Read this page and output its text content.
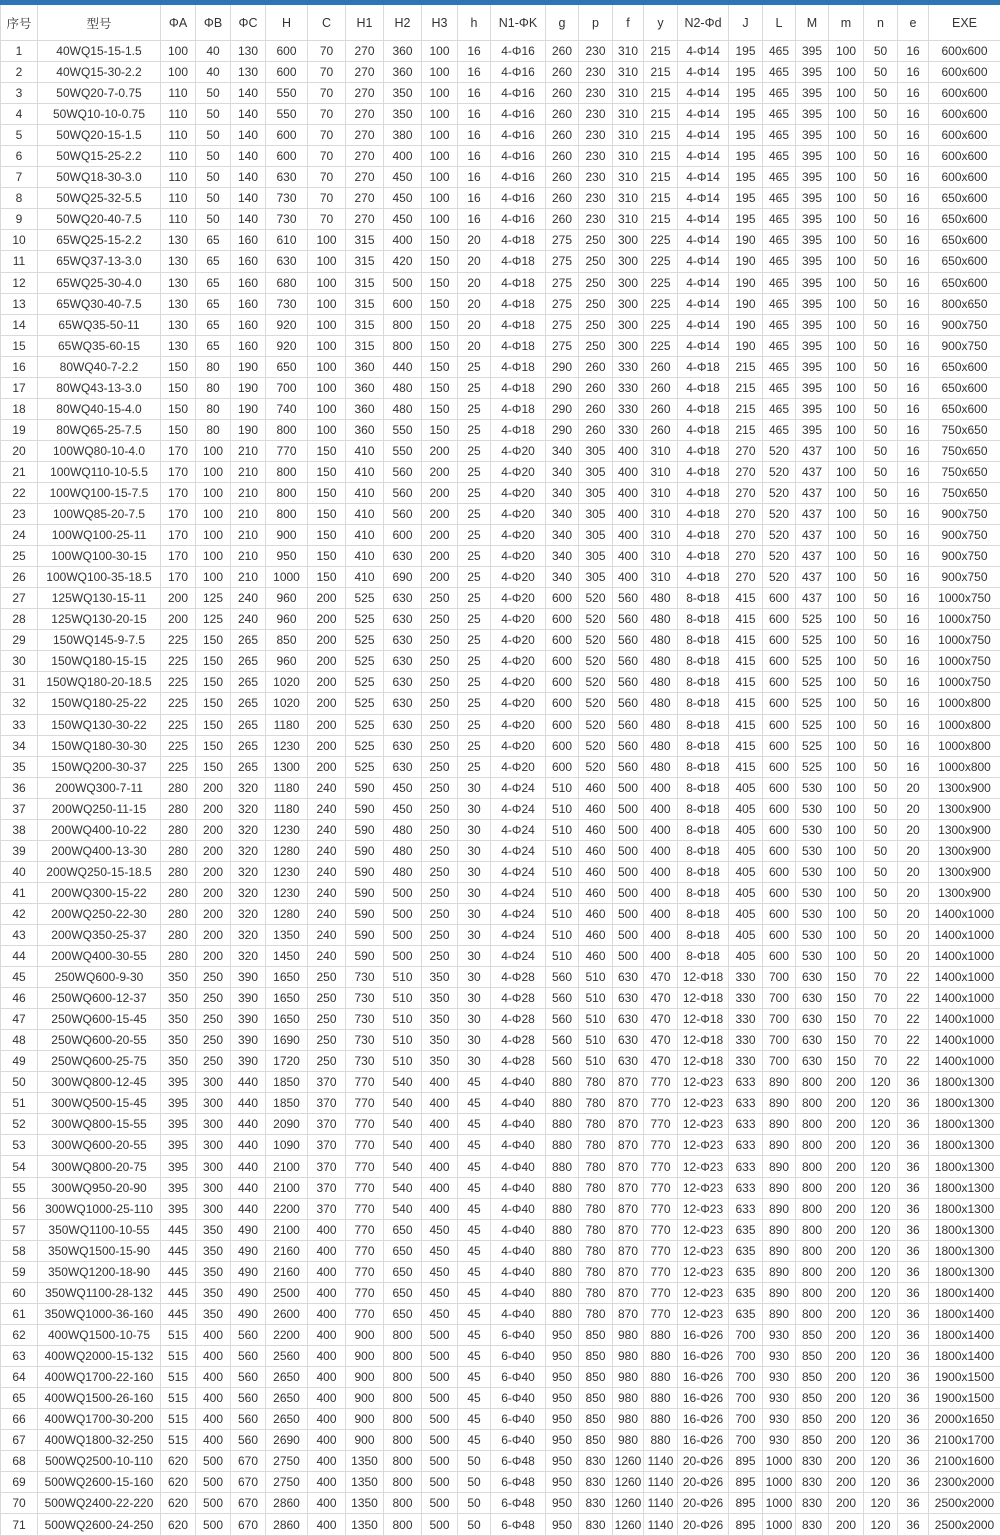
序号	型号	ΦA	ΦB	ΦC	H	C	H1	H2	H3	h	N1-ΦK	g	p	f	y	N2-Φd	J	L	M	m	n	e	EXE
1	40WQ15-15-1.5	100	40	130	600	70	270	360	100	16	4-Φ16	260	230	310	215	4-Φ14	195	465	395	100	50	16	600x600
2	40WQ15-30-2.2	100	40	130	600	70	270	360	100	16	4-Φ16	260	230	310	215	4-Φ14	195	465	395	100	50	16	600x600
3	50WQ20-7-0.75	110	50	140	550	70	270	350	100	16	4-Φ16	260	230	310	215	4-Φ14	195	465	395	100	50	16	600x600
4	50WQ10-10-0.75	110	50	140	550	70	270	350	100	16	4-Φ16	260	230	310	215	4-Φ14	195	465	395	100	50	16	600x600
5	50WQ20-15-1.5	110	50	140	600	70	270	380	100	16	4-Φ16	260	230	310	215	4-Φ14	195	465	395	100	50	16	600x600
6	50WQ15-25-2.2	110	50	140	600	70	270	400	100	16	4-Φ16	260	230	310	215	4-Φ14	195	465	395	100	50	16	600x600
7	50WQ18-30-3.0	110	50	140	630	70	270	450	100	16	4-Φ16	260	230	310	215	4-Φ14	195	465	395	100	50	16	600x600
8	50WQ25-32-5.5	110	50	140	730	70	270	450	100	16	4-Φ16	260	230	310	215	4-Φ14	195	465	395	100	50	16	650x600
9	50WQ20-40-7.5	110	50	140	730	70	270	450	100	16	4-Φ16	260	230	310	215	4-Φ14	195	465	395	100	50	16	650x600
10	65WQ25-15-2.2	130	65	160	610	100	315	400	150	20	4-Φ18	275	250	300	225	4-Φ14	190	465	395	100	50	16	650x600
11	65WQ37-13-3.0	130	65	160	630	100	315	420	150	20	4-Φ18	275	250	300	225	4-Φ14	190	465	395	100	50	16	650x600
12	65WQ25-30-4.0	130	65	160	680	100	315	500	150	20	4-Φ18	275	250	300	225	4-Φ14	190	465	395	100	50	16	650x600
13	65WQ30-40-7.5	130	65	160	730	100	315	600	150	20	4-Φ18	275	250	300	225	4-Φ14	190	465	395	100	50	16	800x650
14	65WQ35-50-11	130	65	160	920	100	315	800	150	20	4-Φ18	275	250	300	225	4-Φ14	190	465	395	100	50	16	900x750
15	65WQ35-60-15	130	65	160	920	100	315	800	150	20	4-Φ18	275	250	300	225	4-Φ14	190	465	395	100	50	16	900x750
16	80WQ40-7-2.2	150	80	190	650	100	360	440	150	25	4-Φ18	290	260	330	260	4-Φ18	215	465	395	100	50	16	650x600
17	80WQ43-13-3.0	150	80	190	700	100	360	480	150	25	4-Φ18	290	260	330	260	4-Φ18	215	465	395	100	50	16	650x600
18	80WQ40-15-4.0	150	80	190	740	100	360	480	150	25	4-Φ18	290	260	330	260	4-Φ18	215	465	395	100	50	16	650x600
19	80WQ65-25-7.5	150	80	190	800	100	360	550	150	25	4-Φ18	290	260	330	260	4-Φ18	215	465	395	100	50	16	750x650
20	100WQ80-10-4.0	170	100	210	770	150	410	550	200	25	4-Φ20	340	305	400	310	4-Φ18	270	520	437	100	50	16	750x650
21	100WQ110-10-5.5	170	100	210	800	150	410	560	200	25	4-Φ20	340	305	400	310	4-Φ18	270	520	437	100	50	16	750x650
22	100WQ100-15-7.5	170	100	210	800	150	410	560	200	25	4-Φ20	340	305	400	310	4-Φ18	270	520	437	100	50	16	750x650
23	100WQ85-20-7.5	170	100	210	800	150	410	560	200	25	4-Φ20	340	305	400	310	4-Φ18	270	520	437	100	50	16	900x750
24	100WQ100-25-11	170	100	210	900	150	410	600	200	25	4-Φ20	340	305	400	310	4-Φ18	270	520	437	100	50	16	900x750
25	100WQ100-30-15	170	100	210	950	150	410	630	200	25	4-Φ20	340	305	400	310	4-Φ18	270	520	437	100	50	16	900x750
26	100WQ100-35-18.5	170	100	210	1000	150	410	690	200	25	4-Φ20	340	305	400	310	4-Φ18	270	520	437	100	50	16	900x750
27	125WQ130-15-11	200	125	240	960	200	525	630	250	25	4-Φ20	600	520	560	480	8-Φ18	415	600	437	100	50	16	1000x750
28	125WQ130-20-15	200	125	240	960	200	525	630	250	25	4-Φ20	600	520	560	480	8-Φ18	415	600	525	100	50	16	1000x750
29	150WQ145-9-7.5	225	150	265	850	200	525	630	250	25	4-Φ20	600	520	560	480	8-Φ18	415	600	525	100	50	16	1000x750
30	150WQ180-15-15	225	150	265	960	200	525	630	250	25	4-Φ20	600	520	560	480	8-Φ18	415	600	525	100	50	16	1000x750
31	150WQ180-20-18.5	225	150	265	1020	200	525	630	250	25	4-Φ20	600	520	560	480	8-Φ18	415	600	525	100	50	16	1000x750
32	150WQ180-25-22	225	150	265	1020	200	525	630	250	25	4-Φ20	600	520	560	480	8-Φ18	415	600	525	100	50	16	1000x800
33	150WQ130-30-22	225	150	265	1180	200	525	630	250	25	4-Φ20	600	520	560	480	8-Φ18	415	600	525	100	50	16	1000x800
34	150WQ180-30-30	225	150	265	1230	200	525	630	250	25	4-Φ20	600	520	560	480	8-Φ18	415	600	525	100	50	16	1000x800
35	150WQ200-30-37	225	150	265	1300	200	525	630	250	25	4-Φ20	600	520	560	480	8-Φ18	415	600	525	100	50	16	1000x800
36	200WQ300-7-11	280	200	320	1180	240	590	450	250	30	4-Φ24	510	460	500	400	8-Φ18	405	600	530	100	50	20	1300x900
37	200WQ250-11-15	280	200	320	1180	240	590	450	250	30	4-Φ24	510	460	500	400	8-Φ18	405	600	530	100	50	20	1300x900
38	200WQ400-10-22	280	200	320	1230	240	590	480	250	30	4-Φ24	510	460	500	400	8-Φ18	405	600	530	100	50	20	1300x900
39	200WQ400-13-30	280	200	320	1280	240	590	480	250	30	4-Φ24	510	460	500	400	8-Φ18	405	600	530	100	50	20	1300x900
40	200WQ250-15-18.5	280	200	320	1230	240	590	480	250	30	4-Φ24	510	460	500	400	8-Φ18	405	600	530	100	50	20	1300x900
41	200WQ300-15-22	280	200	320	1230	240	590	500	250	30	4-Φ24	510	460	500	400	8-Φ18	405	600	530	100	50	20	1300x900
42	200WQ250-22-30	280	200	320	1280	240	590	500	250	30	4-Φ24	510	460	500	400	8-Φ18	405	600	530	100	50	20	1400x1000
43	200WQ350-25-37	280	200	320	1350	240	590	500	250	30	4-Φ24	510	460	500	400	8-Φ18	405	600	530	100	50	20	1400x1000
44	200WQ400-30-55	280	200	320	1450	240	590	500	250	30	4-Φ24	510	460	500	400	8-Φ18	405	600	530	100	50	20	1400x1000
45	250WQ600-9-30	350	250	390	1650	250	730	510	350	30	4-Φ28	560	510	630	470	12-Φ18	330	700	630	150	70	22	1400x1000
46	250WQ600-12-37	350	250	390	1650	250	730	510	350	30	4-Φ28	560	510	630	470	12-Φ18	330	700	630	150	70	22	1400x1000
47	250WQ600-15-45	350	250	390	1650	250	730	510	350	30	4-Φ28	560	510	630	470	12-Φ18	330	700	630	150	70	22	1400x1000
48	250WQ600-20-55	350	250	390	1690	250	730	510	350	30	4-Φ28	560	510	630	470	12-Φ18	330	700	630	150	70	22	1400x1000
49	250WQ600-25-75	350	250	390	1720	250	730	510	350	30	4-Φ28	560	510	630	470	12-Φ18	330	700	630	150	70	22	1400x1000
50	300WQ800-12-45	395	300	440	1850	370	770	540	400	45	4-Φ40	880	780	870	770	12-Φ23	633	890	800	200	120	36	1800x1300
51	300WQ500-15-45	395	300	440	1850	370	770	540	400	45	4-Φ40	880	780	870	770	12-Φ23	633	890	800	200	120	36	1800x1300
52	300WQ800-15-55	395	300	440	2090	370	770	540	400	45	4-Φ40	880	780	870	770	12-Φ23	633	890	800	200	120	36	1800x1300
53	300WQ600-20-55	395	300	440	1090	370	770	540	400	45	4-Φ40	880	780	870	770	12-Φ23	633	890	800	200	120	36	1800x1300
54	300WQ800-20-75	395	300	440	2100	370	770	540	400	45	4-Φ40	880	780	870	770	12-Φ23	633	890	800	200	120	36	1800x1300
55	300WQ950-20-90	395	300	440	2100	370	770	540	400	45	4-Φ40	880	780	870	770	12-Φ23	633	890	800	200	120	36	1800x1300
56	300WQ1000-25-110	395	300	440	2200	370	770	540	400	45	4-Φ40	880	780	870	770	12-Φ23	633	890	800	200	120	36	1800x1300
57	350WQ1100-10-55	445	350	490	2100	400	770	650	450	45	4-Φ40	880	780	870	770	12-Φ23	635	890	800	200	120	36	1800x1300
58	350WQ1500-15-90	445	350	490	2160	400	770	650	450	45	4-Φ40	880	780	870	770	12-Φ23	635	890	800	200	120	36	1800x1300
59	350WQ1200-18-90	445	350	490	2160	400	770	650	450	45	4-Φ40	880	780	870	770	12-Φ23	635	890	800	200	120	36	1800x1300
60	350WQ1100-28-132	445	350	490	2500	400	770	650	450	45	4-Φ40	880	780	870	770	12-Φ23	635	890	800	200	120	36	1800x1400
61	350WQ1000-36-160	445	350	490	2600	400	770	650	450	45	4-Φ40	880	780	870	770	12-Φ23	635	890	800	200	120	36	1800x1400
62	400WQ1500-10-75	515	400	560	2200	400	900	800	500	45	6-Φ40	950	850	980	880	16-Φ26	700	930	850	200	120	36	1800x1400
63	400WQ2000-15-132	515	400	560	2560	400	900	800	500	45	6-Φ40	950	850	980	880	16-Φ26	700	930	850	200	120	36	1800x1400
64	400WQ1700-22-160	515	400	560	2650	400	900	800	500	45	6-Φ40	950	850	980	880	16-Φ26	700	930	850	200	120	36	1900x1500
65	400WQ1500-26-160	515	400	560	2650	400	900	800	500	45	6-Φ40	950	850	980	880	16-Φ26	700	930	850	200	120	36	1900x1500
66	400WQ1700-30-200	515	400	560	2650	400	900	800	500	45	6-Φ40	950	850	980	880	16-Φ26	700	930	850	200	120	36	2000x1650
67	400WQ1800-32-250	515	400	560	2690	400	900	800	500	45	6-Φ40	950	850	980	880	16-Φ26	700	930	850	200	120	36	2100x1700
68	500WQ2500-10-110	620	500	670	2750	400	1350	800	500	50	6-Φ48	950	830	1260	1140	20-Φ26	895	1000	830	200	120	36	2100x1600
69	500WQ2600-15-160	620	500	670	2750	400	1350	800	500	50	6-Φ48	950	830	1260	1140	20-Φ26	895	1000	830	200	120	36	2300x2000
70	500WQ2400-22-220	620	500	670	2860	400	1350	800	500	50	6-Φ48	950	830	1260	1140	20-Φ26	895	1000	830	200	120	36	2500x2000
71	500WQ2600-24-250	620	500	670	2860	400	1350	800	500	50	6-Φ48	950	830	1260	1140	20-Φ26	895	1000	830	200	120	36	2500x2000
